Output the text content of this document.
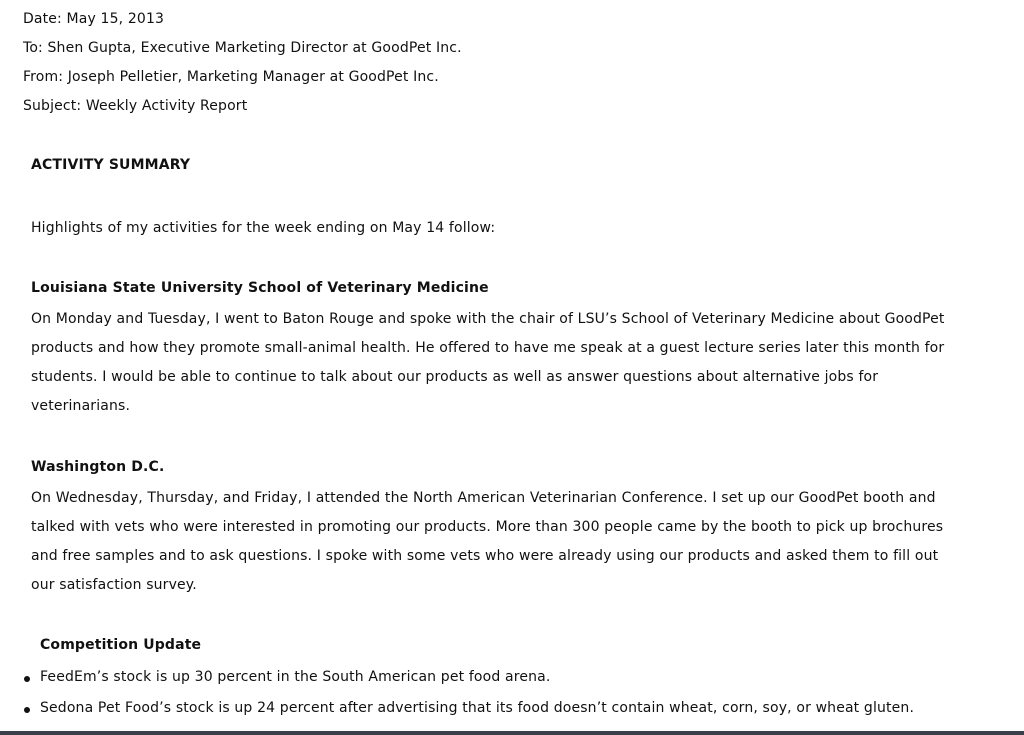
Date: May 15, 2013

To: Shen Gupta, Executive Marketing Director at GoodPet Inc.

From: Joseph Pelletier, Marketing Manager at GoodPet Inc.

Subject: Weekly Activity Report

ACTIVITY SUMMARY

Highlights of my activities for the week ending on May 14 follow:

Louisiana State University School of Veterinary Medicine
On Monday and Tuesday, I went to Baton Rouge and spoke with the chair of LSU’s School of Veterinary Medicine about GoodPet
products and how they promote small-animal health. He offered to have me speak at a guest lecture series later this month for
students. I would be able to continue to talk about our products as well as answer questions about alternative jobs for
veterinarians.
Washington D.C.
On Wednesday, Thursday, and Friday, I attended the North American Veterinarian Conference. I set up our GoodPet booth and
talked with vets who were interested in promoting our products. More than 300 people came by the booth to pick up brochures
and free samples and to ask questions. I spoke with some vets who were already using our products and asked them to fill out
our satisfaction survey.
Competition Update
FeedEm’s stock is up 30 percent in the South American pet food arena.
Sedona Pet Food’s stock is up 24 percent after advertising that its food doesn’t contain wheat, corn, soy, or wheat gluten.
